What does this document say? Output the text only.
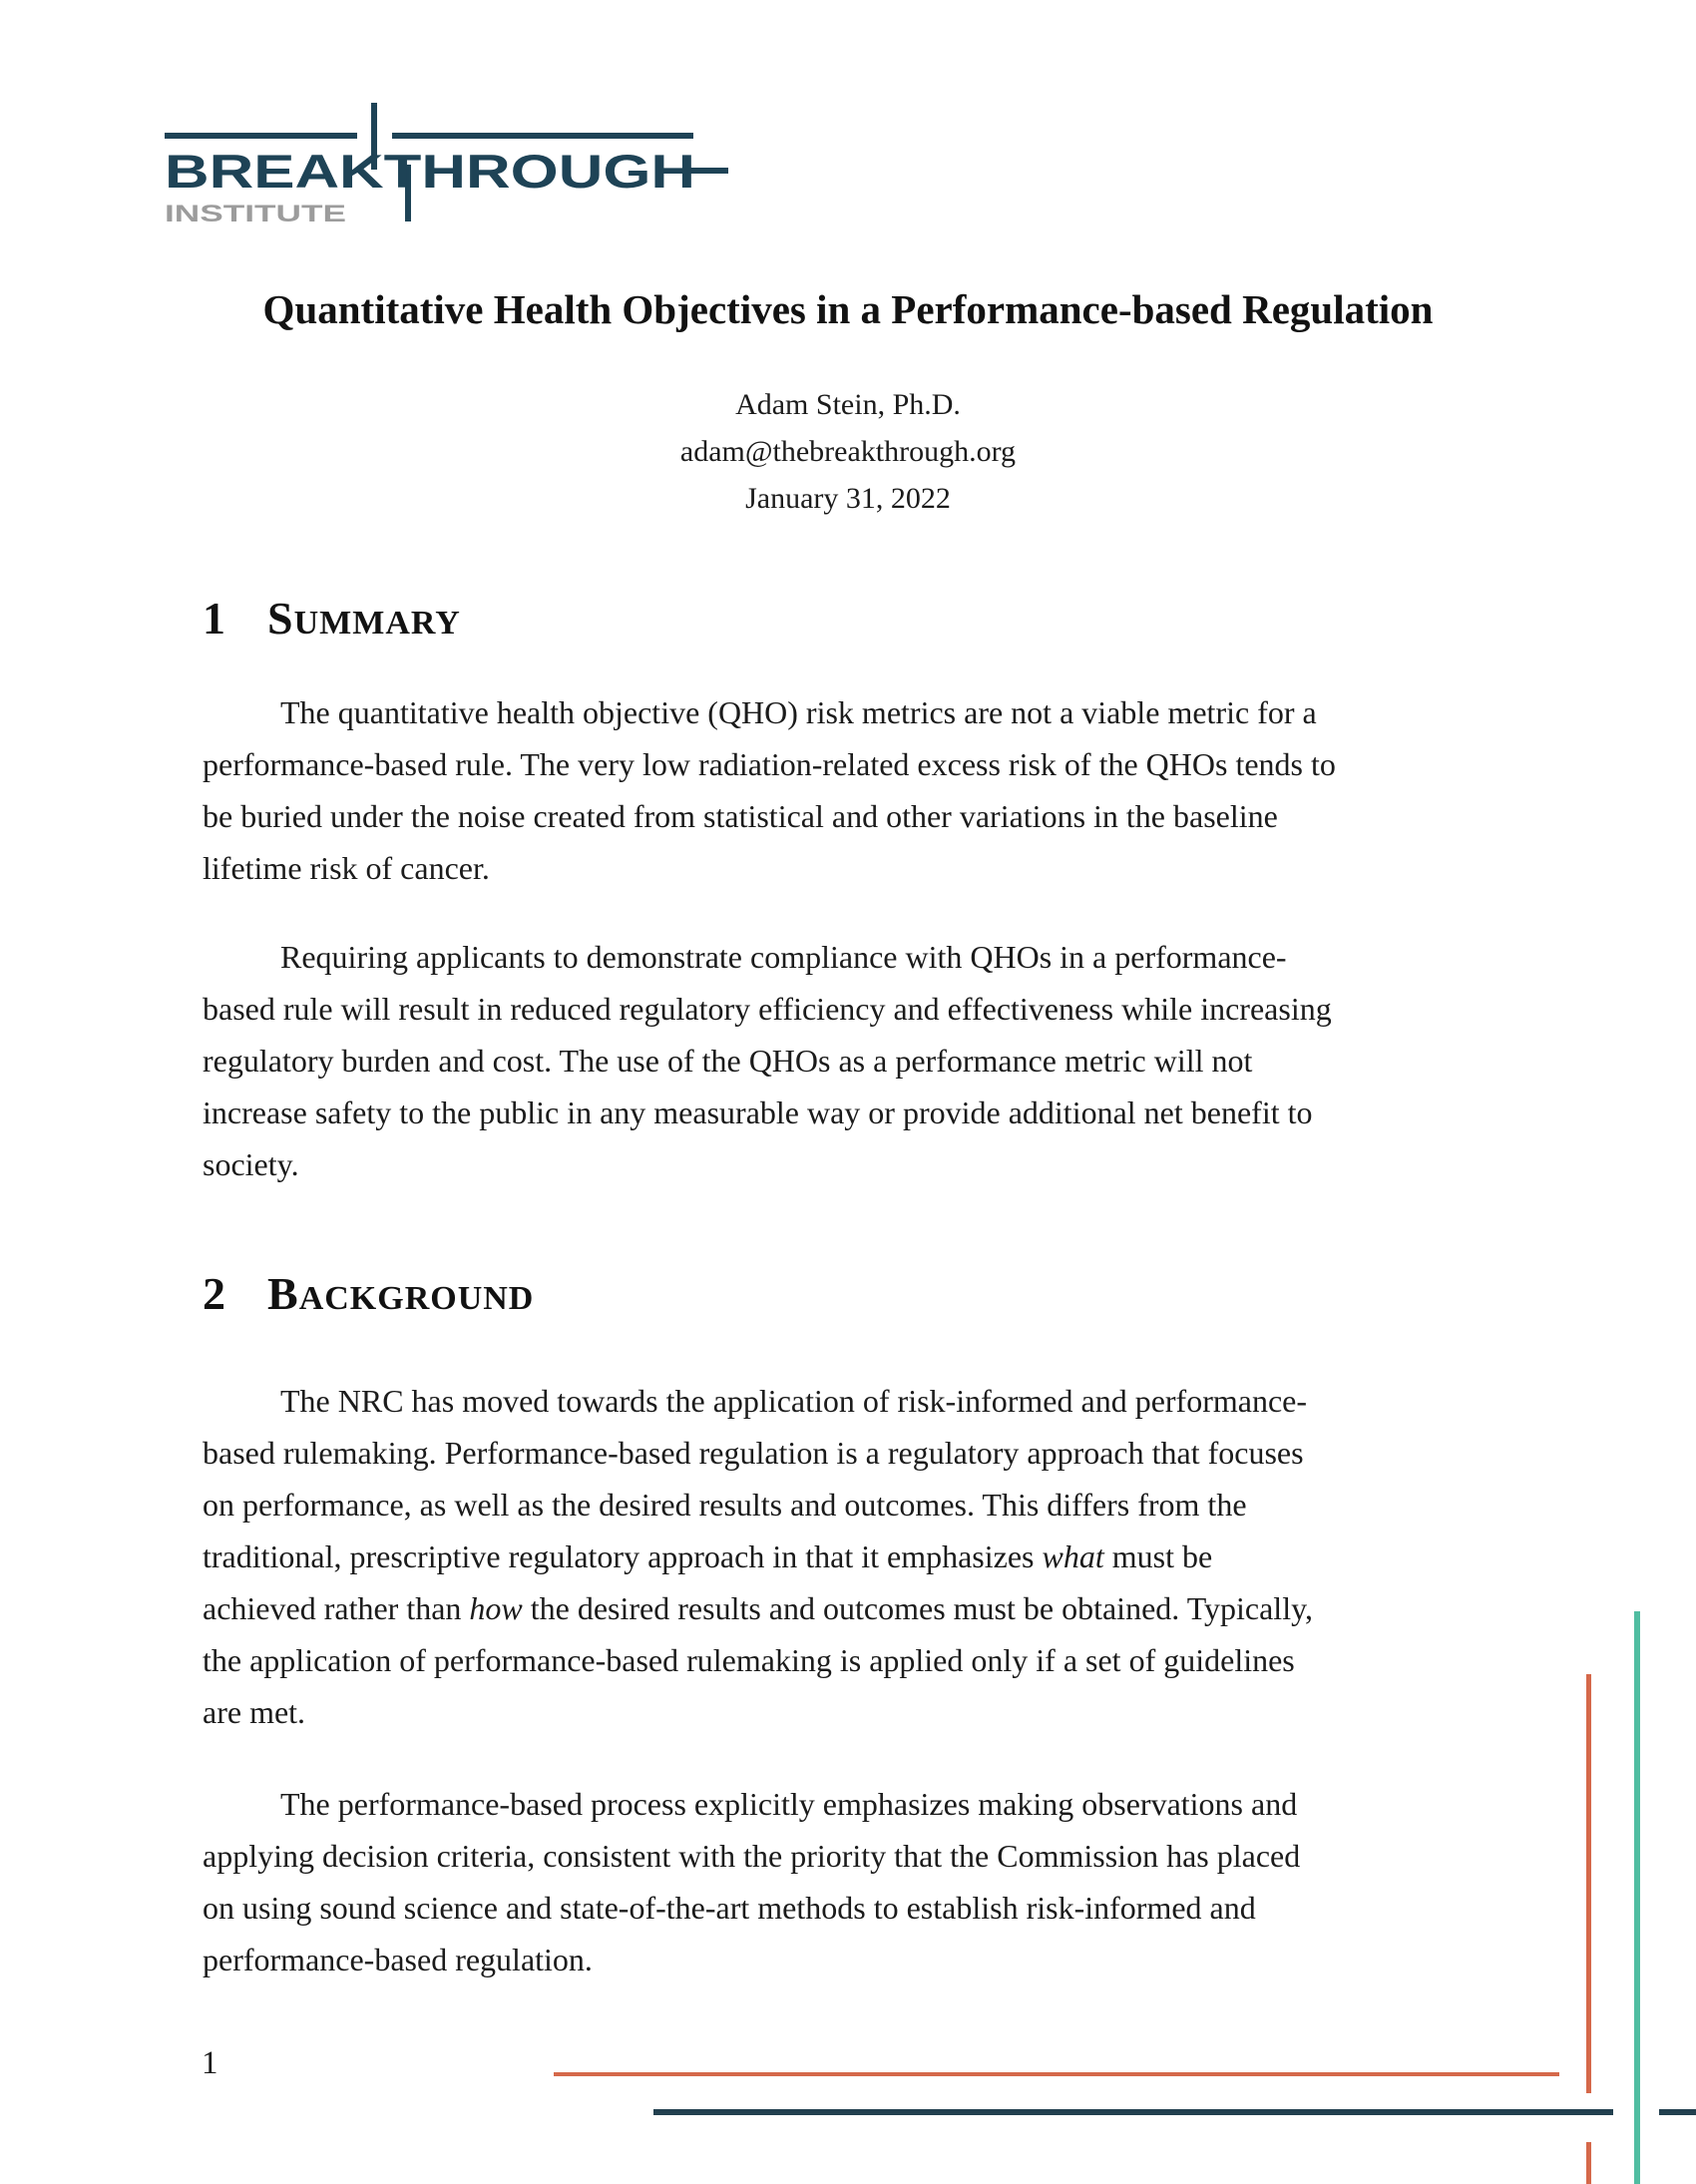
BREAKTHROUGH
INSTITUTE
Quantitative Health Objectives in a Performance-based Regulation
Adam Stein, Ph.D.
adam@thebreakthrough.org
January 31, 2022
1 SUMMARY
The quantitative health objective (QHO) risk metrics are not a viable metric for a
performance-based rule. The very low radiation-related excess risk of the QHOs tends to
be buried under the noise created from statistical and other variations in the baseline
lifetime risk of cancer.
Requiring applicants to demonstrate compliance with QHOs in a performance-
based rule will result in reduced regulatory efficiency and effectiveness while increasing
regulatory burden and cost. The use of the QHOs as a performance metric will not
increase safety to the public in any measurable way or provide additional net benefit to
society.
2 BACKGROUND
The NRC has moved towards the application of risk-informed and performance-
based rulemaking. Performance-based regulation is a regulatory approach that focuses
on performance, as well as the desired results and outcomes. This differs from the
traditional, prescriptive regulatory approach in that it emphasizes what must be
achieved rather than how the desired results and outcomes must be obtained. Typically,
the application of performance-based rulemaking is applied only if a set of guidelines
are met.
The performance-based process explicitly emphasizes making observations and
applying decision criteria, consistent with the priority that the Commission has placed
on using sound science and state-of-the-art methods to establish risk-informed and
performance-based regulation.
1
